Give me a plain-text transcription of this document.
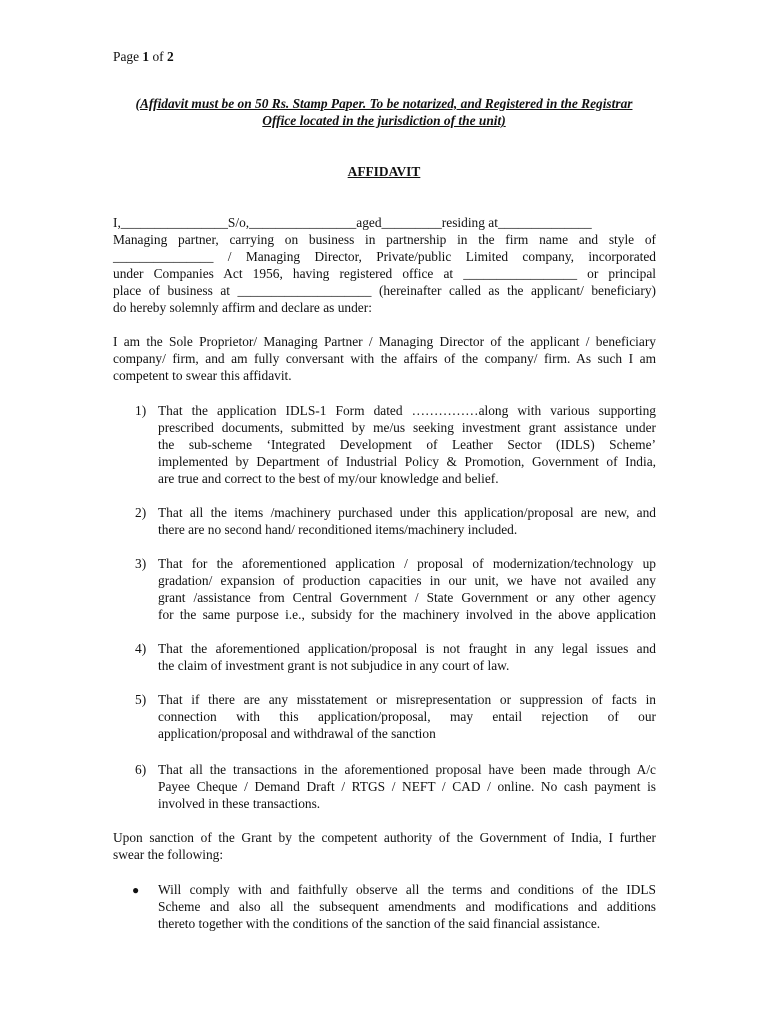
Page 1 of 2
(Affidavit must be on 50 Rs. Stamp Paper. To be notarized, and Registered in the Registrar
Office located in the jurisdiction of the unit)
AFFIDAVIT
I,________________S/o,________________aged_________residing at______________
Managing partner, carrying on business in partnership in the firm name and style of
_______________ / Managing Director, Private/public Limited company, incorporated
under Companies Act 1956, having registered office at _________________ or principal
place of business at ____________________ (hereinafter called as the applicant/ beneficiary)
do hereby solemnly affirm and declare as under:
I am the Sole Proprietor/ Managing Partner / Managing Director of the applicant / beneficiary
company/ firm, and am fully conversant with the affairs of the company/ firm. As such I am
competent to swear this affidavit.
1) That the application IDLS-1 Form dated ……………along with various supporting
prescribed documents, submitted by me/us seeking investment grant assistance under
the sub-scheme ‘Integrated Development of Leather Sector (IDLS) Scheme’
implemented by Department of Industrial Policy & Promotion, Government of India,
are true and correct to the best of my/our knowledge and belief.
2) That all the items /machinery purchased under this application/proposal are new, and
there are no second hand/ reconditioned items/machinery included.
3) That for the aforementioned application / proposal of modernization/technology up
gradation/ expansion of production capacities in our unit, we have not availed any
grant /assistance from Central Government / State Government or any other agency
for the same purpose i.e., subsidy for the machinery involved in the above application
4) That the aforementioned application/proposal is not fraught in any legal issues and
the claim of investment grant is not subjudice in any court of law.
5) That if there are any misstatement or misrepresentation or suppression of facts in
connection with this application/proposal, may entail rejection of our
application/proposal and withdrawal of the sanction
6) That all the transactions in the aforementioned proposal have been made through A/c
Payee Cheque / Demand Draft / RTGS / NEFT / CAD / online. No cash payment is
involved in these transactions.
Upon sanction of the Grant by the competent authority of the Government of India, I further
swear the following:
● Will comply with and faithfully observe all the terms and conditions of the IDLS
Scheme and also all the subsequent amendments and modifications and additions
thereto together with the conditions of the sanction of the said financial assistance.
